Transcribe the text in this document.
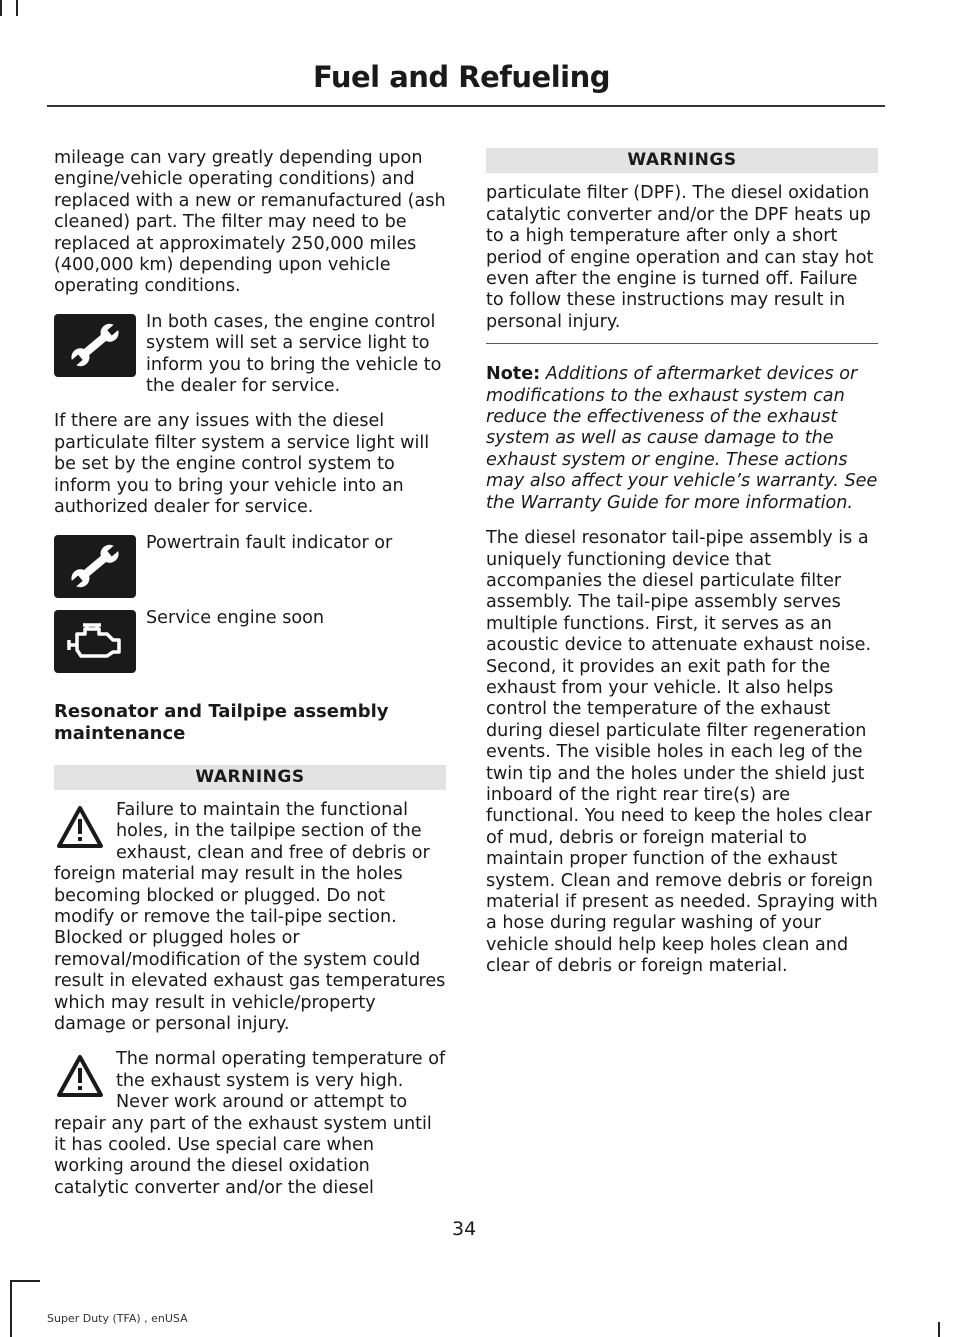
Fuel and Refueling

mileage can vary greatly depending upon engine/vehicle operating conditions) and replaced with a new or remanufactured (ash cleaned) part. The filter may need to be replaced at approximately 250,000 miles (400,000 km) depending upon vehicle operating conditions.

In both cases, the engine control system will set a service light to inform you to bring the vehicle to the dealer for service.

If there are any issues with the diesel particulate filter system a service light will be set by the engine control system to inform you to bring your vehicle into an authorized dealer for service.

Powertrain fault indicator or

Service engine soon

Resonator and Tailpipe assembly maintenance
WARNINGS
Failure to maintain the functional holes, in the tailpipe section of the exhaust, clean and free of debris or foreign material may result in the holes becoming blocked or plugged. Do not modify or remove the tail-pipe section. Blocked or plugged holes or removal/modification of the system could result in elevated exhaust gas temperatures which may result in vehicle/property damage or personal injury.
The normal operating temperature of the exhaust system is very high. Never work around or attempt to repair any part of the exhaust system until it has cooled. Use special care when working around the diesel oxidation catalytic converter and/or the diesel
WARNINGS

particulate filter (DPF). The diesel oxidation catalytic converter and/or the DPF heats up to a high temperature after only a short period of engine operation and can stay hot even after the engine is turned off. Failure to follow these instructions may result in personal injury.

Note: Additions of aftermarket devices or modifications to the exhaust system can reduce the effectiveness of the exhaust system as well as cause damage to the exhaust system or engine. These actions may also affect your vehicle’s warranty. See the Warranty Guide for more information.

The diesel resonator tail-pipe assembly is a uniquely functioning device that accompanies the diesel particulate filter assembly. The tail-pipe assembly serves multiple functions. First, it serves as an acoustic device to attenuate exhaust noise. Second, it provides an exit path for the exhaust from your vehicle. It also helps control the temperature of the exhaust during diesel particulate filter regeneration events. The visible holes in each leg of the twin tip and the holes under the shield just inboard of the right rear tire(s) are functional. You need to keep the holes clear of mud, debris or foreign material to maintain proper function of the exhaust system. Clean and remove debris or foreign material if present as needed. Spraying with a hose during regular washing of your vehicle should help keep holes clean and clear of debris or foreign material.

34
Super Duty (TFA) , enUSA
